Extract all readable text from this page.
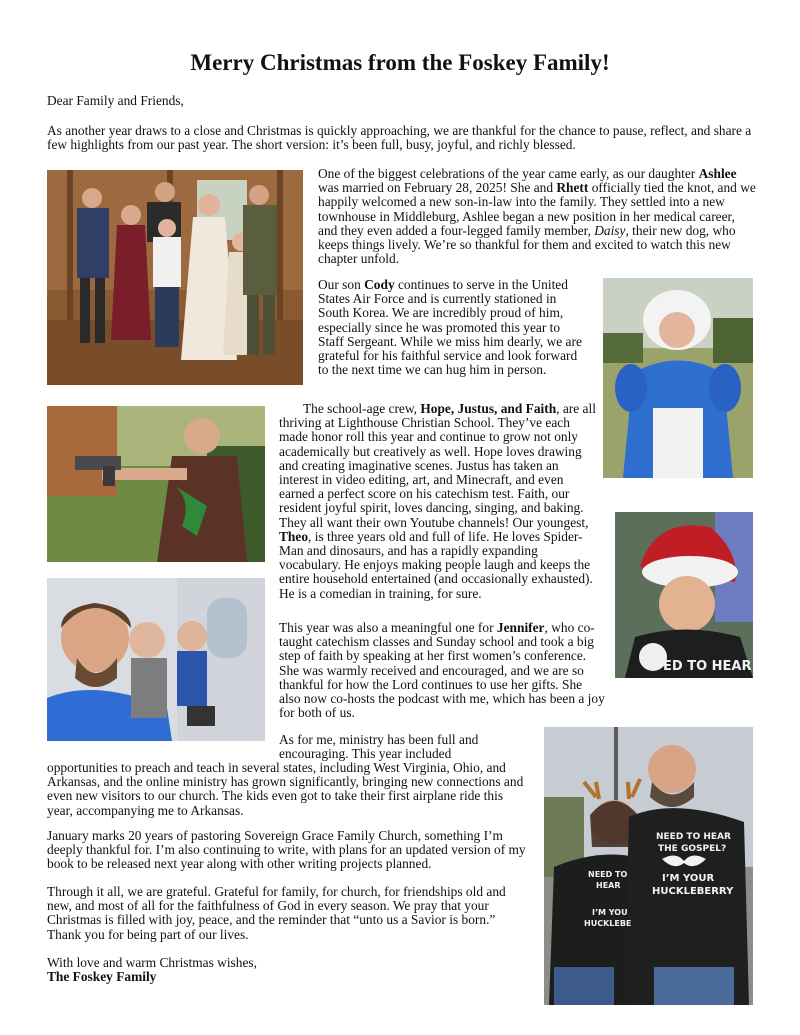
Merry Christmas from the Foskey Family!

Dear Family and Friends,

As another year draws to a close and Christmas is quickly approaching, we are thankful for the chance to pause, reflect, and share a few highlights from our past year. The short version: it’s been full, busy, joyful, and richly blessed.

One of the biggest celebrations of the year came early, as our daughter Ashlee was married on February 28, 2025! She and Rhett officially tied the knot, and we happily welcomed a new son-in-law into the family. They settled into a new townhouse in Middleburg, Ashlee began a new position in her medical career, and they even added a four-legged family member, Daisy, their new dog, who keeps things lively. We’re so thankful for them and excited to watch this new chapter unfold.

Our son Cody continues to serve in the United States Air Force and is currently stationed in South Korea. We are incredibly proud of him, especially since he was promoted this year to Staff Sergeant. While we miss him dearly, we are grateful for his faithful service and look forward to the next time we can hug him in person.

The school-age crew, Hope, Justus, and Faith, are all thriving at Lighthouse Christian School. They’ve each made honor roll this year and continue to grow not only academically but creatively as well. Hope loves drawing and creating imaginative scenes. Justus has taken an interest in video editing, art, and Minecraft, and even earned a perfect score on his catechism test. Faith, our resident joyful spirit, loves dancing, singing, and baking. They all want their own Youtube channels! Our youngest, Theo, is three years old and full of life. He loves Spider-Man and dinosaurs, and has a rapidly expanding vocabulary. He enjoys making people laugh and keeps the entire household entertained (and occasionally exhausted). He is a comedian in training, for sure.

ED TO HEAR

This year was also a meaningful one for Jennifer, who co-taught catechism classes and Sunday school and took a big step of faith by speaking at her first women’s conference. She was warmly received and encouraged, and we are so thankful for how the Lord continues to use her gifts. She also now co-hosts the podcast with me, which has been a joy for both of us.

As for me, ministry has been full and encouraging. This year included

opportunities to preach and teach in several states, including West Virginia, Ohio, and Arkansas, and the online ministry has grown significantly, bringing new connections and even new visitors to our church. The kids even got to take their first airplane ride this year, accompanying me to Arkansas.

January marks 20 years of pastoring Sovereign Grace Family Church, something I’m deeply thankful for. I’m also continuing to write, with plans for an updated version of my book to be released next year along with other writing projects planned.

Through it all, we are grateful. Grateful for family, for church, for friendships old and new, and most of all for the faithfulness of God in every season. We pray that your Christmas is filled with joy, peace, and the reminder that “unto us a Savior is born.” Thank you for being part of our lives.

With love and warm Christmas wishes,

The Foskey Family

NEED TO HEAR
THE GOSPEL?
I’M YOUR
HUCKLEBERRY
NEED TO
HEAR
I’M YOU
HUCKLEBE
